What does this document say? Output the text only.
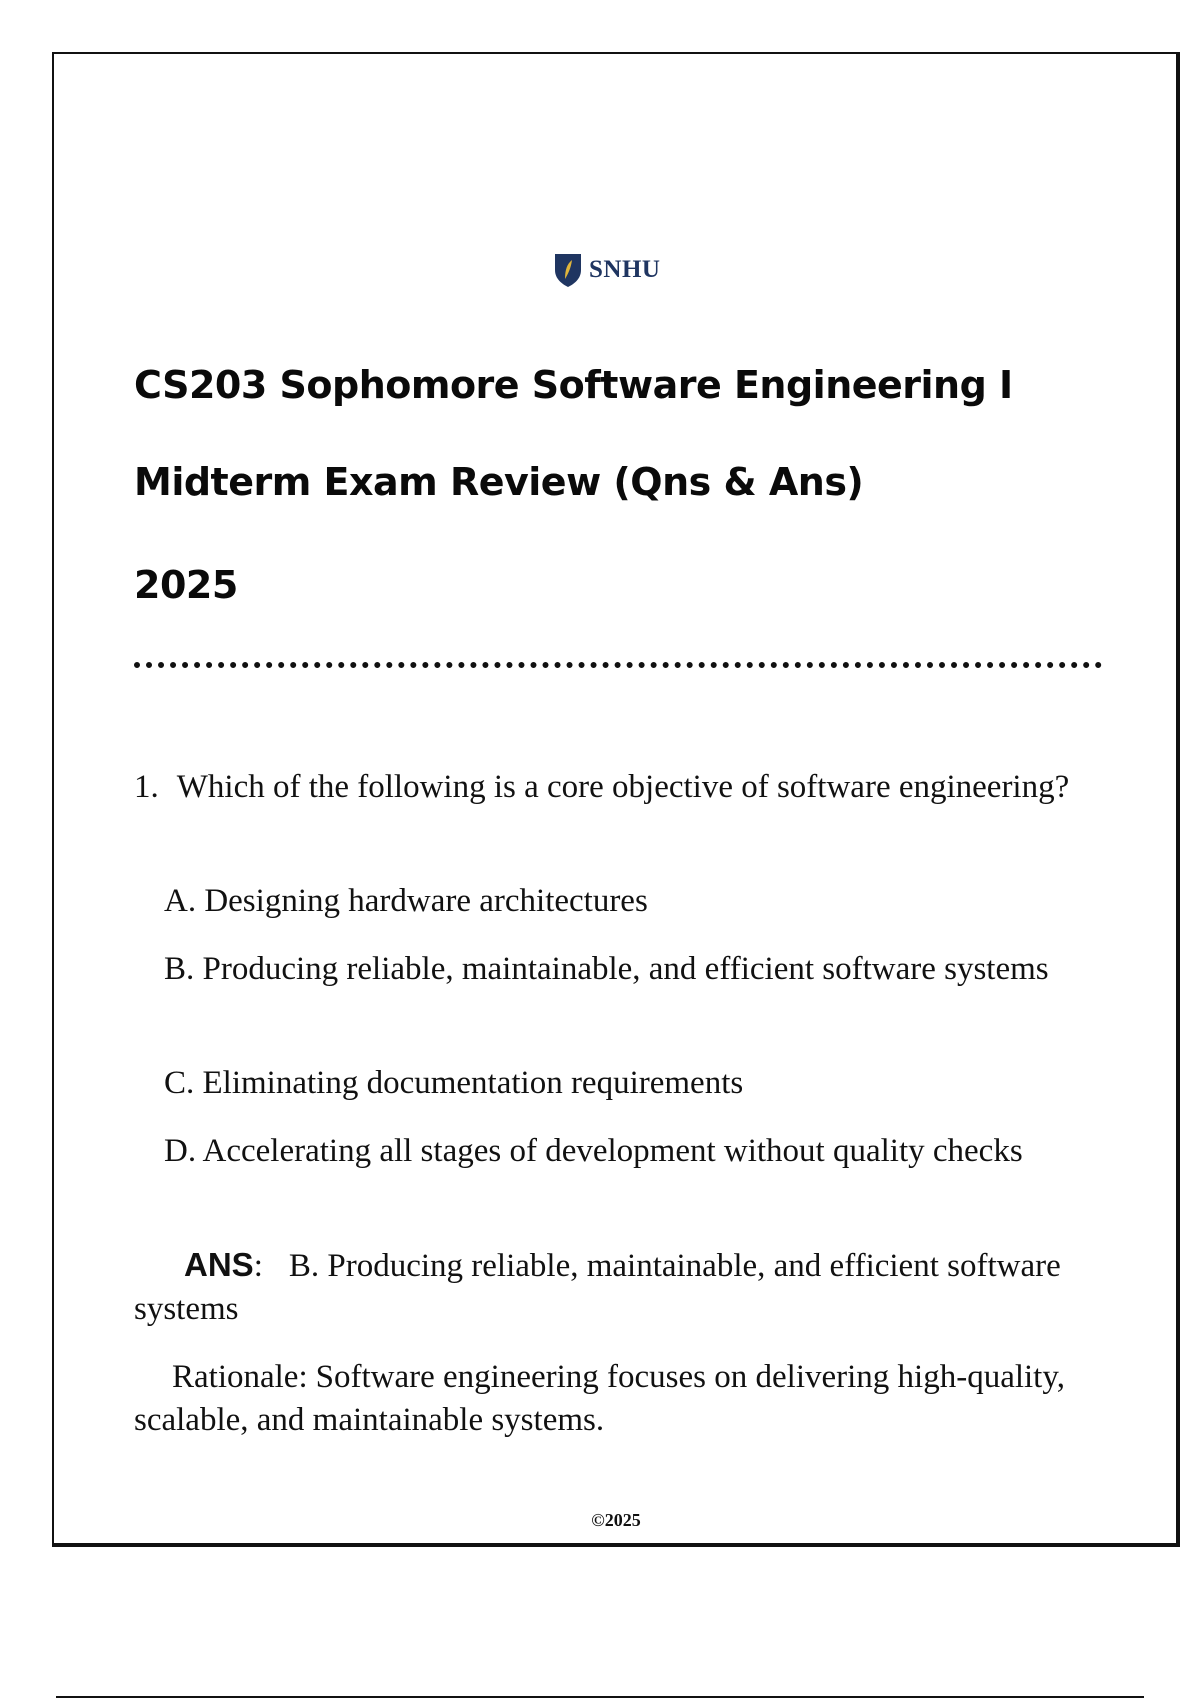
SNHU
CS203 Sophomore Software Engineering I
Midterm Exam Review (Qns & Ans)
2025
1. Which of the following is a core objective of software engineering?
A. Designing hardware architectures
B. Producing reliable, maintainable, and efficient software systems
C. Eliminating documentation requirements
D. Accelerating all stages of development without quality checks
ANS: B. Producing reliable, maintainable, and efficient software systems
Rationale: Software engineering focuses on delivering high-quality, scalable, and maintainable systems.
©2025
